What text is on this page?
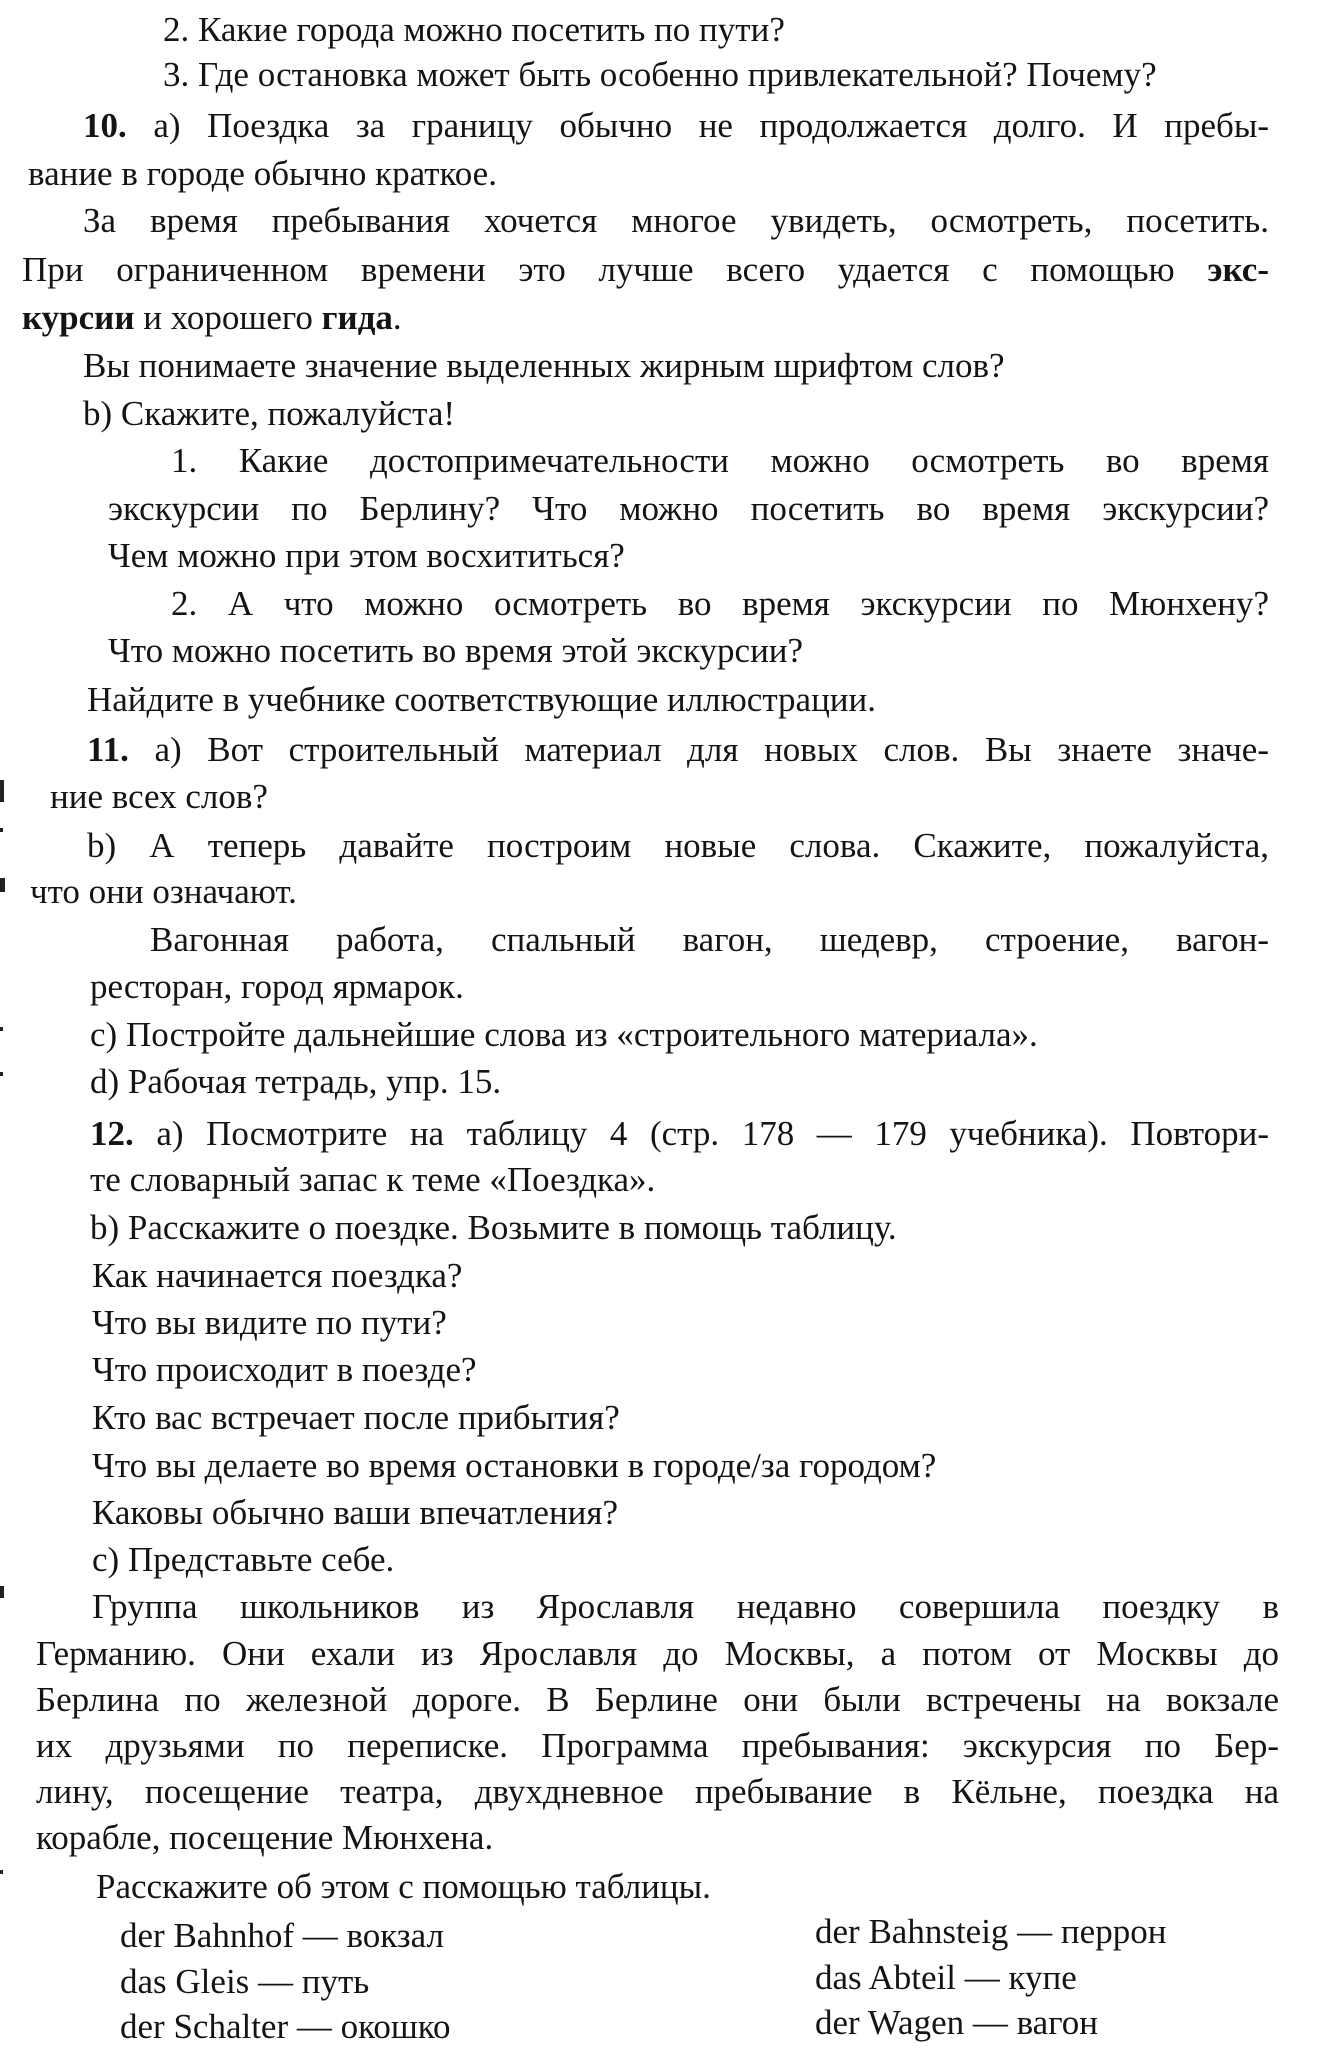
2. Какие города можно посетить по пути?
3. Где остановка может быть особенно привлекательной? Почему?
10. а) Поездка за границу обычно не продолжается долго. И пребы-
вание в городе обычно краткое.
За время пребывания хочется многое увидеть, осмотреть, посетить.
При ограниченном времени это лучше всего удается с помощью экс-
курсии и хорошего гида.
Вы понимаете значение выделенных жирным шрифтом слов?
b) Скажите, пожалуйста!
1. Какие достопримечательности можно осмотреть во время
экскурсии по Берлину? Что можно посетить во время экскурсии?
Чем можно при этом восхититься?
2. А что можно осмотреть во время экскурсии по Мюнхену?
Что можно посетить во время этой экскурсии?
Найдите в учебнике соответствующие иллюстрации.
11. а) Вот строительный материал для новых слов. Вы знаете значе-
ние всех слов?
b) А теперь давайте построим новые слова. Скажите, пожалуйста,
что они означают.
Вагонная работа, спальный вагон, шедевр, строение, вагон-
ресторан, город ярмарок.
с) Постройте дальнейшие слова из «строительного материала».
d) Рабочая тетрадь, упр. 15.
12. а) Посмотрите на таблицу 4 (стр. 178 — 179 учебника). Повтори-
те словарный запас к теме «Поездка».
b) Расскажите о поездке. Возьмите в помощь таблицу.
Как начинается поездка?
Что вы видите по пути?
Что происходит в поезде?
Кто вас встречает после прибытия?
Что вы делаете во время остановки в городе/за городом?
Каковы обычно ваши впечатления?
с) Представьте себе.
Группа школьников из Ярославля недавно совершила поездку в
Германию. Они ехали из Ярославля до Москвы, а потом от Москвы до
Берлина по железной дороге. В Берлине они были встречены на вокзале
их друзьями по переписке. Программа пребывания: экскурсия по Бер-
лину, посещение театра, двухдневное пребывание в Кёльне, поездка на
корабле, посещение Мюнхена.
Расскажите об этом с помощью таблицы.
der Bahnhof — вокзал
das Gleis — путь
der Schalter — окошко
der Bahnsteig — перрон
das Abteil — купе
der Wagen — вагон
